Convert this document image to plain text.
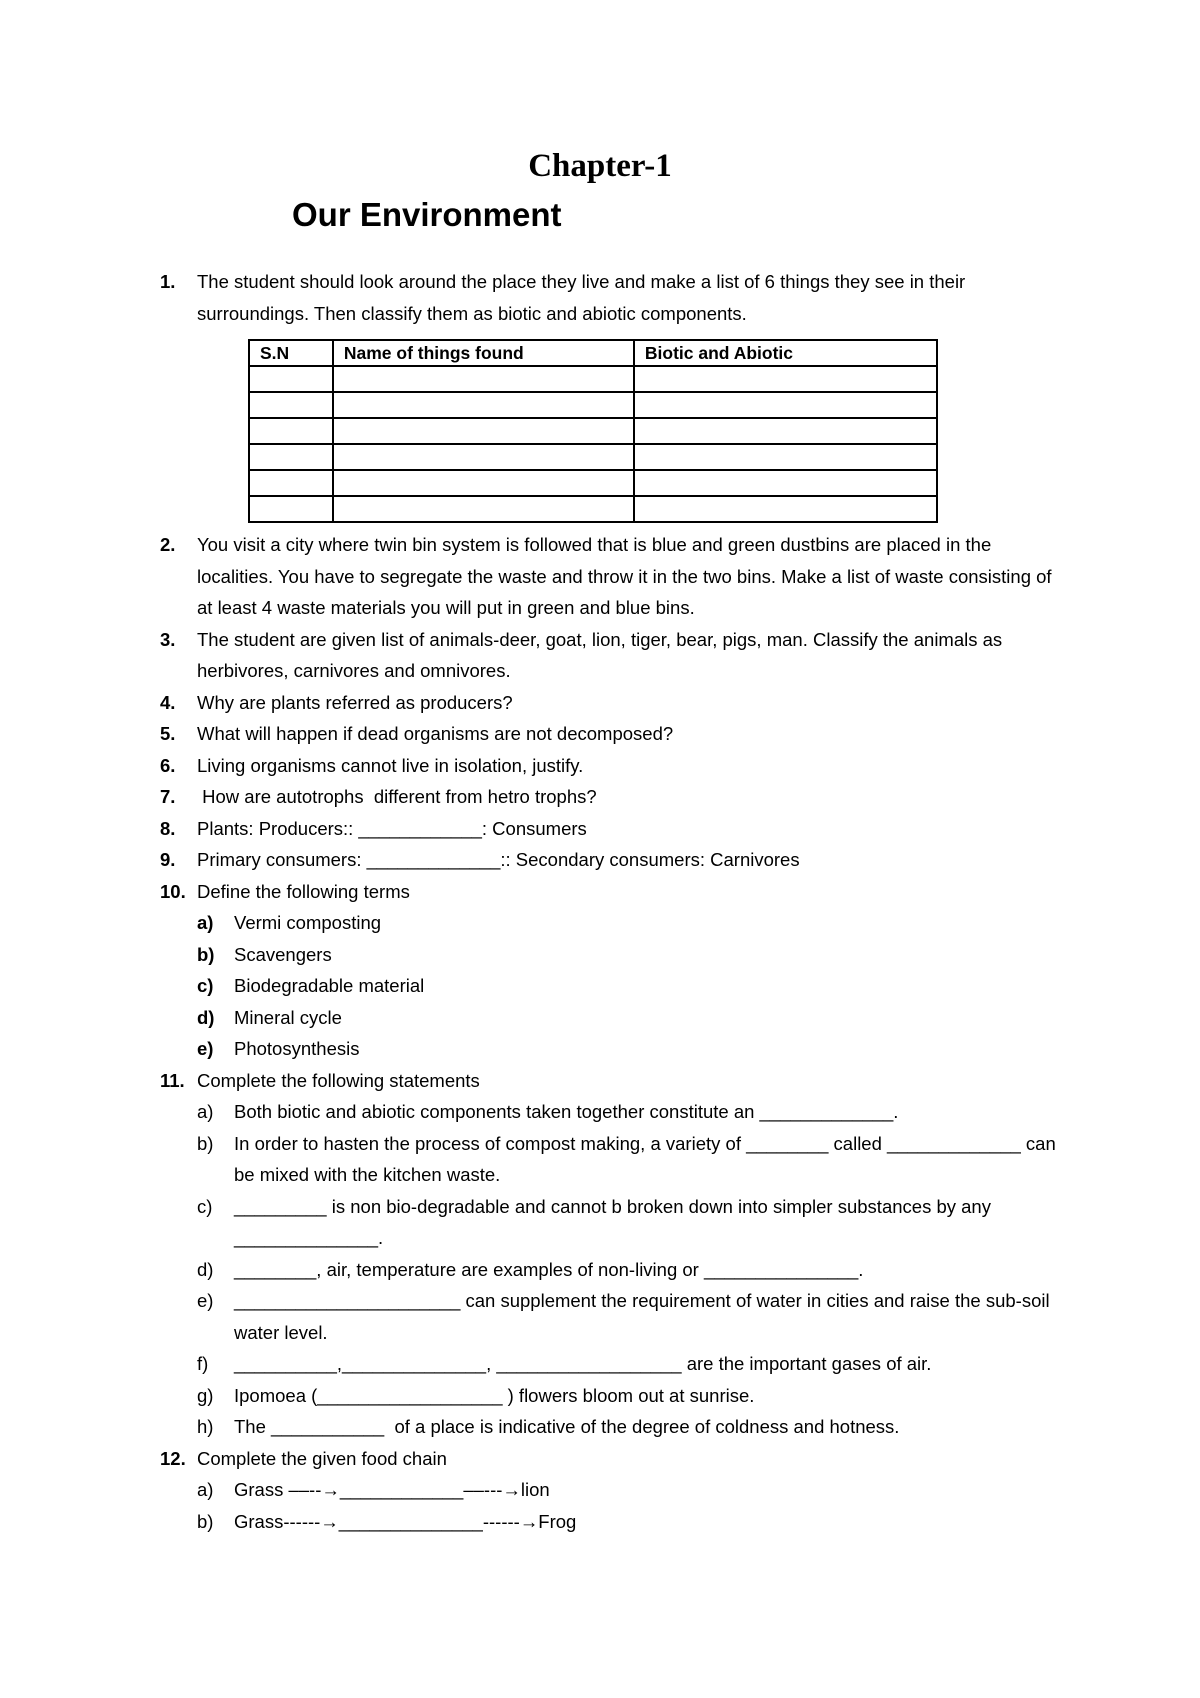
Chapter-1
Our Environment
1. The student should look around the place they live and make a list of 6 things they see in their surroundings. Then classify them as biotic and abiotic components.
S.N	Name of things found	Biotic and Abiotic

2. You visit a city where twin bin system is followed that is blue and green dustbins are placed in the localities. You have to segregate the waste and throw it in the two bins. Make a list of waste consisting of at least 4 waste materials you will put in green and blue bins.
3. The student are given list of animals-deer, goat, lion, tiger, bear, pigs, man. Classify the animals as herbivores, carnivores and omnivores.
4. Why are plants referred as producers?
5. What will happen if dead organisms are not decomposed?
6. Living organisms cannot live in isolation, justify.
7. How are autotrophs  different from hetro trophs?
8. Plants: Producers:: ____________: Consumers
9. Primary consumers: _____________:: Secondary consumers: Carnivores
10. Define the following terms
a) Vermi composting
b) Scavengers
c) Biodegradable material
d) Mineral cycle
e) Photosynthesis
11. Complete the following statements
a) Both biotic and abiotic components taken together constitute an _____________.
b) In order to hasten the process of compost making, a variety of ________ called _____________ can be mixed with the kitchen waste.
c) _________ is non bio-degradable and cannot b broken down into simpler substances by any ______________.
d) ________, air, temperature are examples of non-living or _______________.
e) ______________________ can supplement the requirement of water in cities and raise the sub-soil water level.
f) __________,______________, __________________ are the important gases of air.
g) Ipomoea (__________________ ) flowers bloom out at sunrise.
h) The ___________  of a place is indicative of the degree of coldness and hotness.
12. Complete the given food chain
a) Grass ––--→____________––---→lion
b) Grass------→______________------→Frog
